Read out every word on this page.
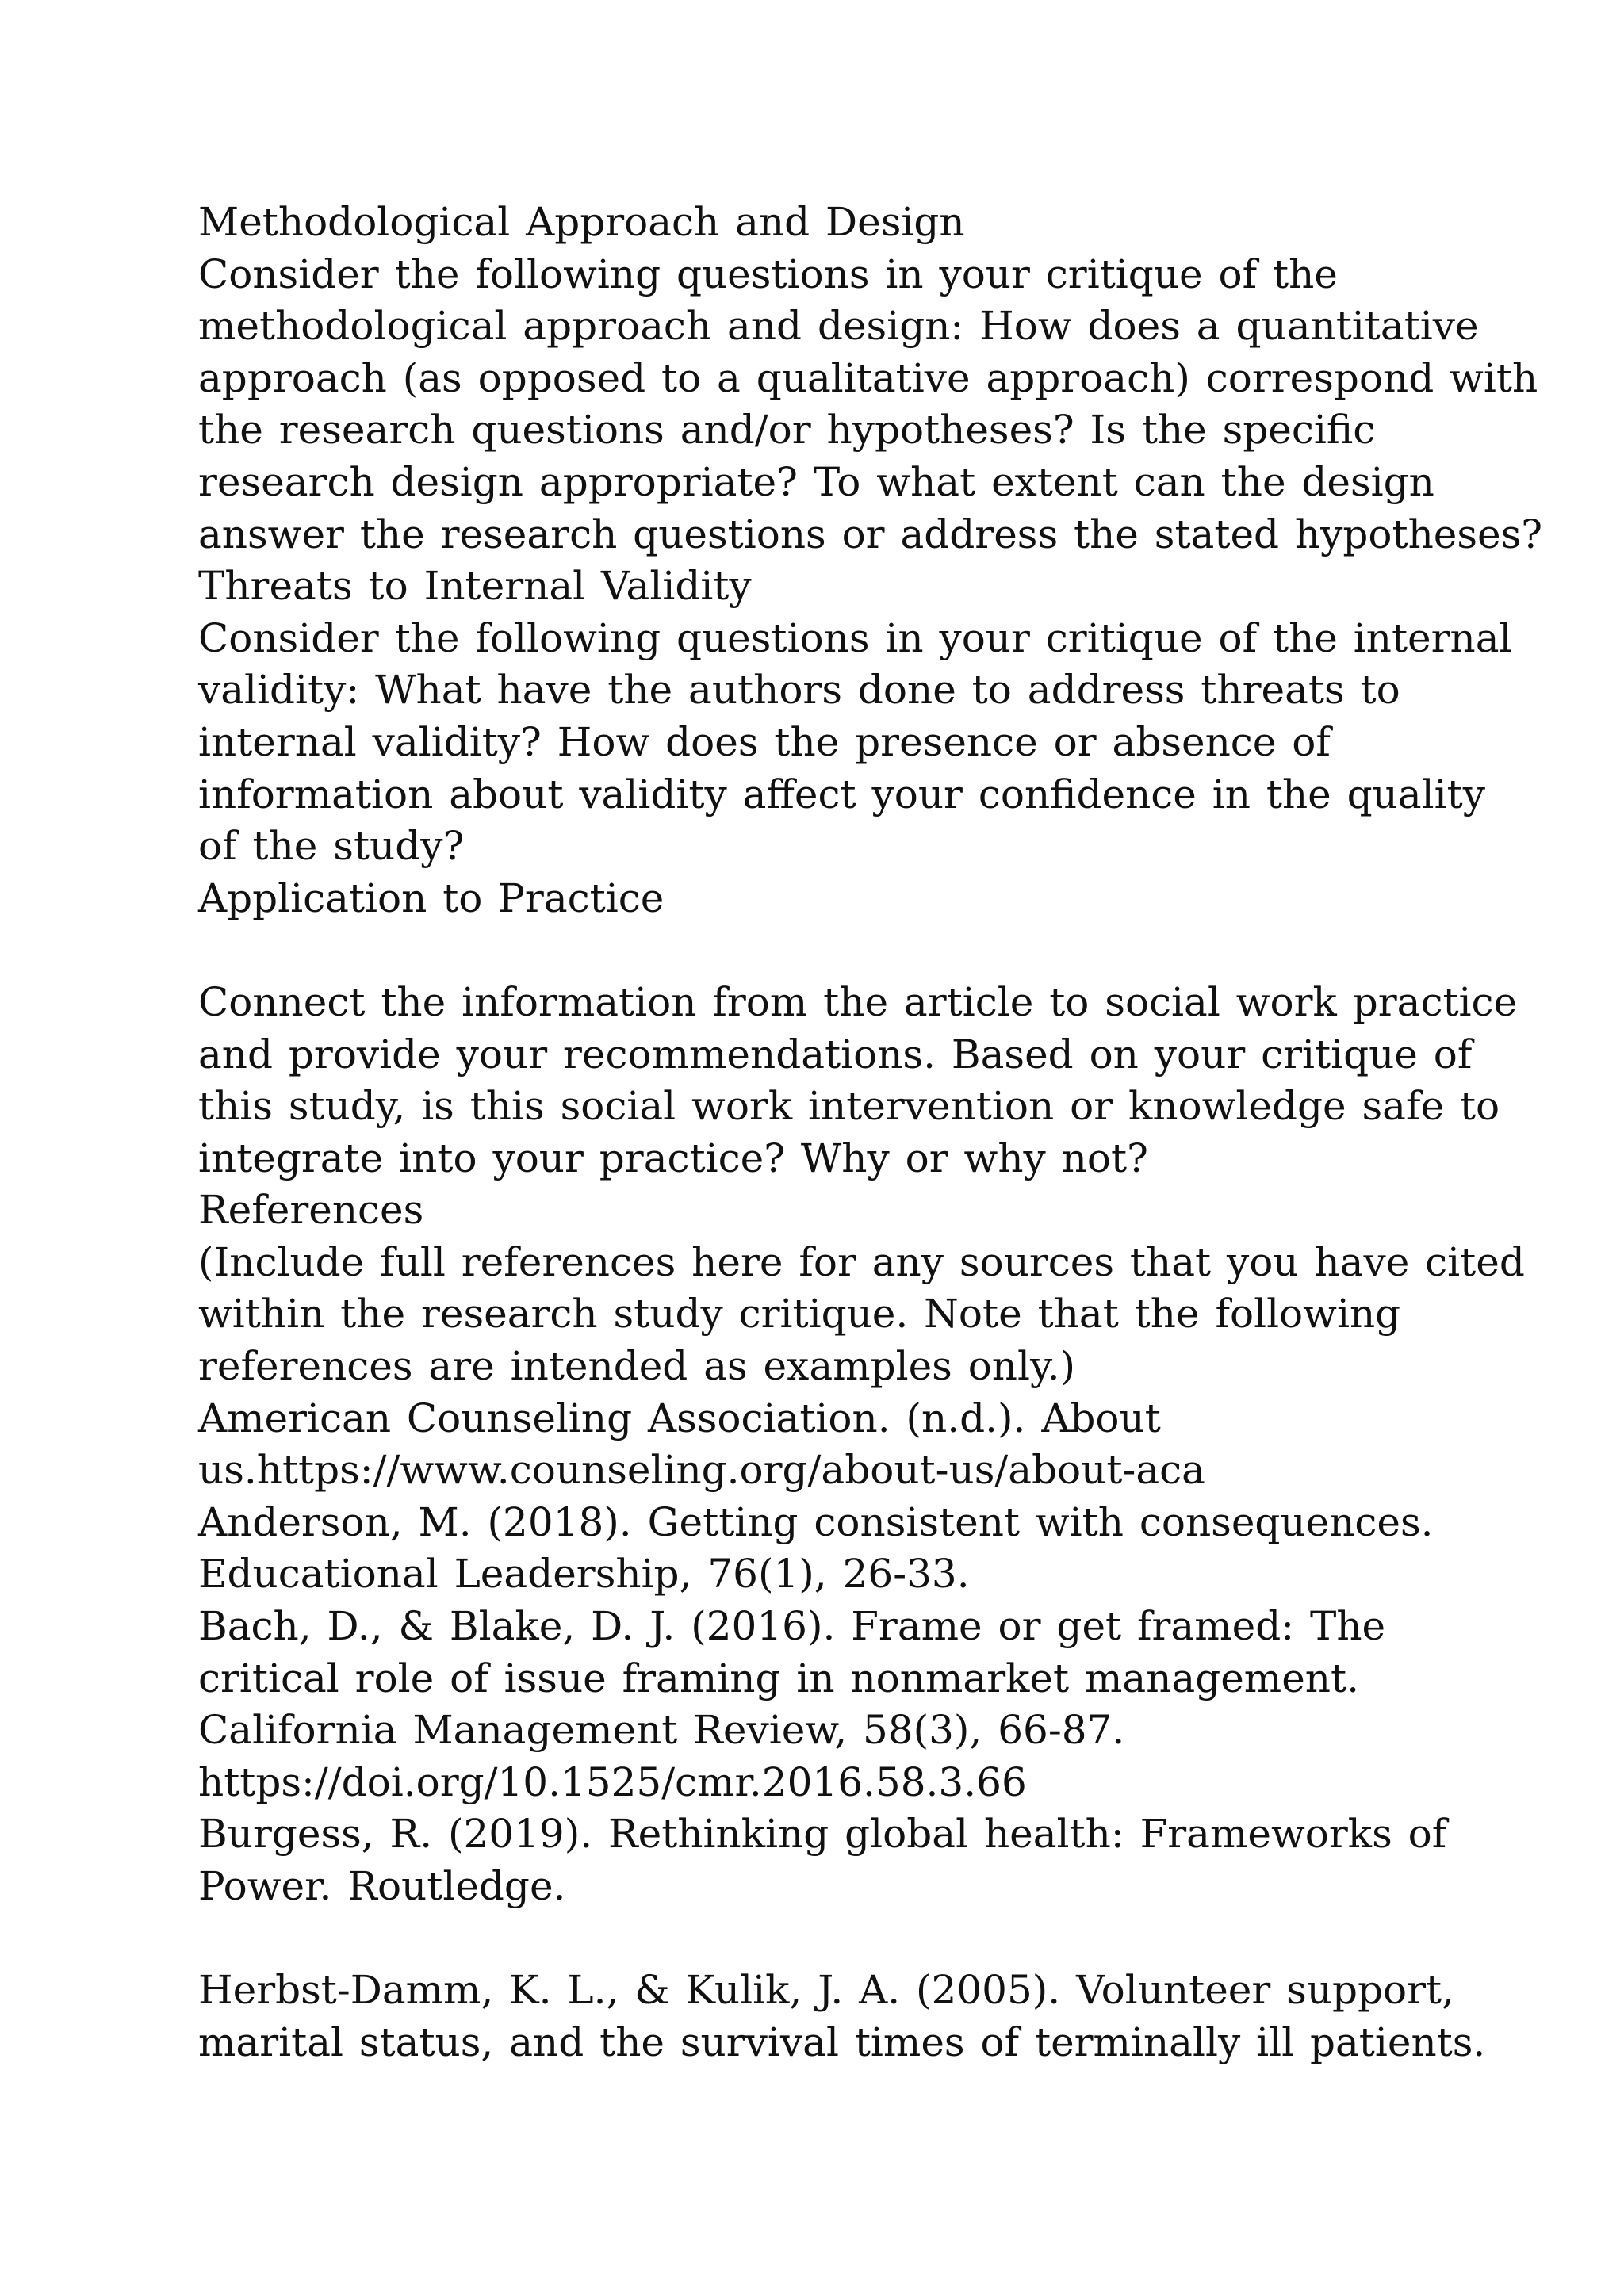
Methodological Approach and Design
Consider the following questions in your critique of the
methodological approach and design: How does a quantitative
approach (as opposed to a qualitative approach) correspond with
the research questions and/or hypotheses? Is the specific
research design appropriate? To what extent can the design
answer the research questions or address the stated hypotheses?
Threats to Internal Validity
Consider the following questions in your critique of the internal
validity: What have the authors done to address threats to
internal validity? How does the presence or absence of
information about validity affect your confidence in the quality
of the study?
Application to Practice
Connect the information from the article to social work practice
and provide your recommendations. Based on your critique of
this study, is this social work intervention or knowledge safe to
integrate into your practice? Why or why not?
References
(Include full references here for any sources that you have cited
within the research study critique. Note that the following
references are intended as examples only.)
American Counseling Association. (n.d.). About
us.https://www.counseling.org/about-us/about-aca
Anderson, M. (2018). Getting consistent with consequences.
Educational Leadership, 76(1), 26-33.
Bach, D., & Blake, D. J. (2016). Frame or get framed: The
critical role of issue framing in nonmarket management.
California Management Review, 58(3), 66-87.
https://doi.org/10.1525/cmr.2016.58.3.66
Burgess, R. (2019). Rethinking global health: Frameworks of
Power. Routledge.
Herbst-Damm, K. L., & Kulik, J. A. (2005). Volunteer support,
marital status, and the survival times of terminally ill patients.
